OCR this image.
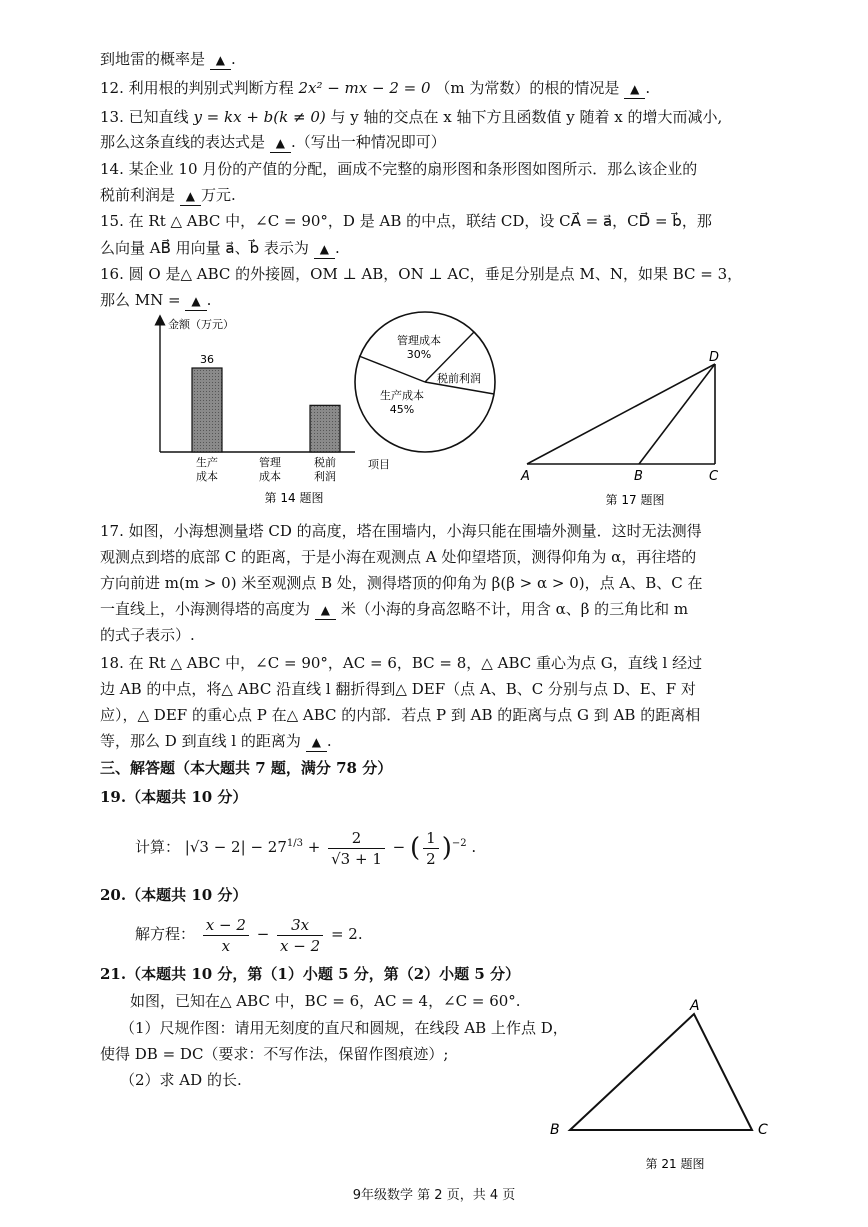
到地雷的概率是 ▲ .
12. 利用根的判别式判断方程 2x² − mx − 2 = 0 （m 为常数）的根的情况是 ▲ .
13. 已知直线 y = kx + b(k ≠ 0) 与 y 轴的交点在 x 轴下方且函数值 y 随着 x 的增大而减小,
那么这条直线的表达式是 ▲ .（写出一种情况即可）
14. 某企业 10 月份的产值的分配，画成不完整的扇形图和条形图如图所示．那么该企业的
税前利润是 ▲ 万元.
15. 在 Rt △ ABC 中，∠C = 90°，D 是 AB 的中点，联结 CD，设 CA⃗ = a⃗，CD⃗ = b⃗，那
么向量 AB⃗ 用向量 a⃗、b⃗ 表示为 ▲ .
16. 圆 O 是△ ABC 的外接圆，OM ⊥ AB，ON ⊥ AC，垂足分别是点 M、N，如果 BC = 3，
那么 MN = ▲ .
金额（万元）
项目
36
生产
成本
管理
成本
税前
利润
管理成本
30%
税前利润
生产成本
45%
第 14 题图
A	B	C
D
第 17 题图
17. 如图，小海想测量塔 CD 的高度，塔在围墙内，小海只能在围墙外测量．这时无法测得
观测点到塔的底部 C 的距离，于是小海在观测点 A 处仰望塔顶，测得仰角为 α，再往塔的
方向前进 m(m > 0) 米至观测点 B 处，测得塔顶的仰角为 β(β > α > 0)，点 A、B、C 在
一直线上，小海测得塔的高度为 ▲ 米（小海的身高忽略不计，用含 α、β 的三角比和 m
的式子表示）.
18. 在 Rt △ ABC 中，∠C = 90°，AC = 6，BC = 8，△ ABC 重心为点 G，直线 l 经过
边 AB 的中点，将△ ABC 沿直线 l 翻折得到△ DEF（点 A、B、C 分别与点 D、E、F 对
应），△ DEF 的重心点 P 在△ ABC 的内部．若点 P 到 AB 的距离与点 G 到 AB 的距离相
等，那么 D 到直线 l 的距离为 ▲ .
三、解答题（本大题共 7 题，满分 78 分）
19.（本题共 10 分）
计算： $|√3 - 2| - 27^{1/3} + \frac{2}{√3 + 1}$ − ( $\frac{1}{2} )^{-2}$ .
20.（本题共 10 分）
解方程： $\frac{x - 2}{x} - \frac{3x}{x - 2} = 2$.
21.（本题共 10 分，第（1）小题 5 分，第（2）小题 5 分）
如图，已知在△ ABC 中，BC = 6，AC = 4，∠C = 60°.
（1）尺规作图：请用无刻度的直尺和圆规，在线段 AB 上作点 D，
使得 DB = DC（要求：不写作法，保留作图痕迹）;
（2）求 AD 的长.
A
B	C
第 21 题图
9年级数学 第 2 页，共 4 页
